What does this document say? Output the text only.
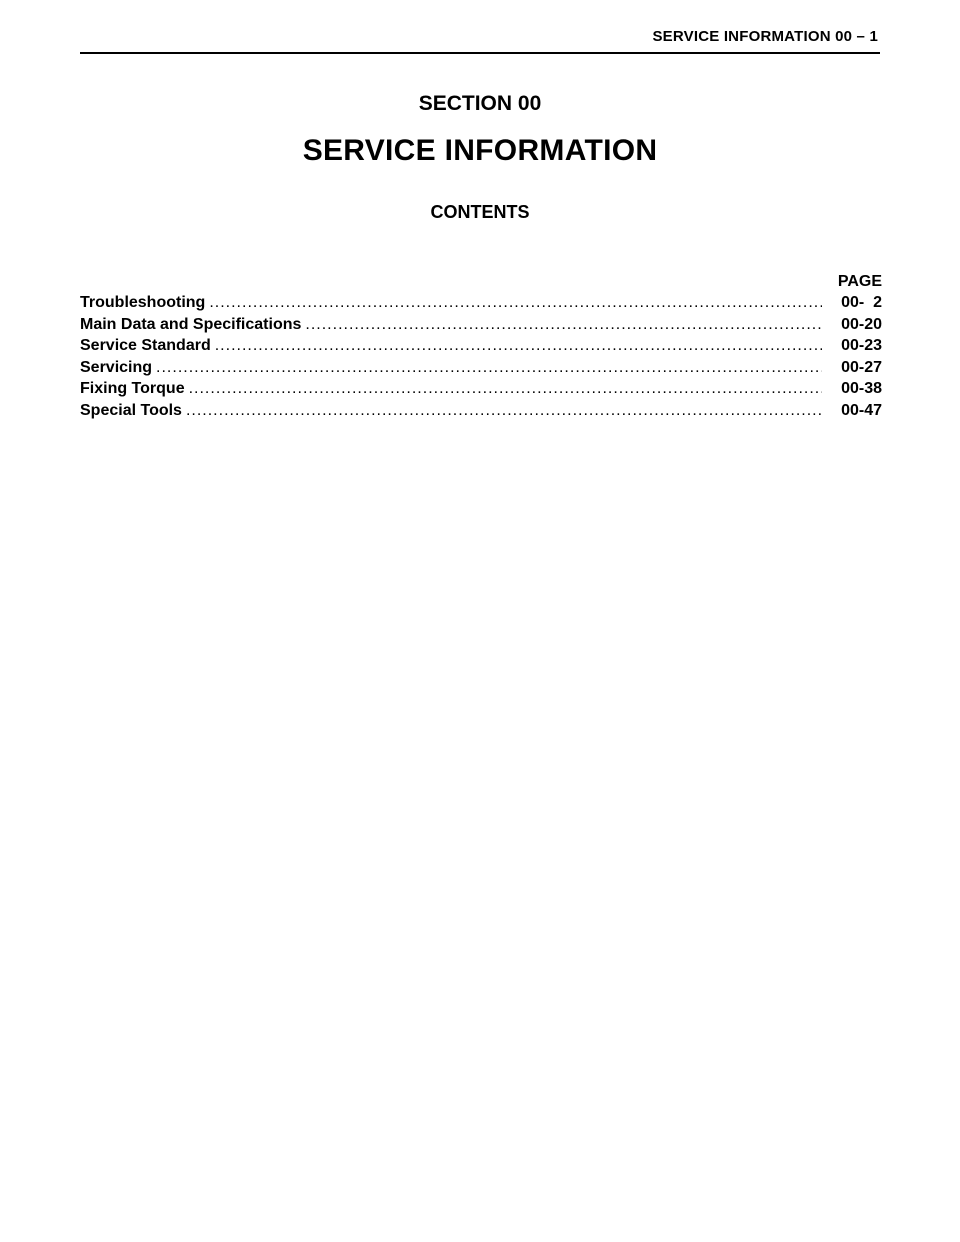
SERVICE INFORMATION 00 – 1
SECTION 00
SERVICE INFORMATION
CONTENTS
PAGE
Troubleshooting .....	00-  2
Main Data and Specifications .....	00-20
Service Standard .....	00-23
Servicing .....	00-27
Fixing Torque .....	00-38
Special Tools .....	00-47
